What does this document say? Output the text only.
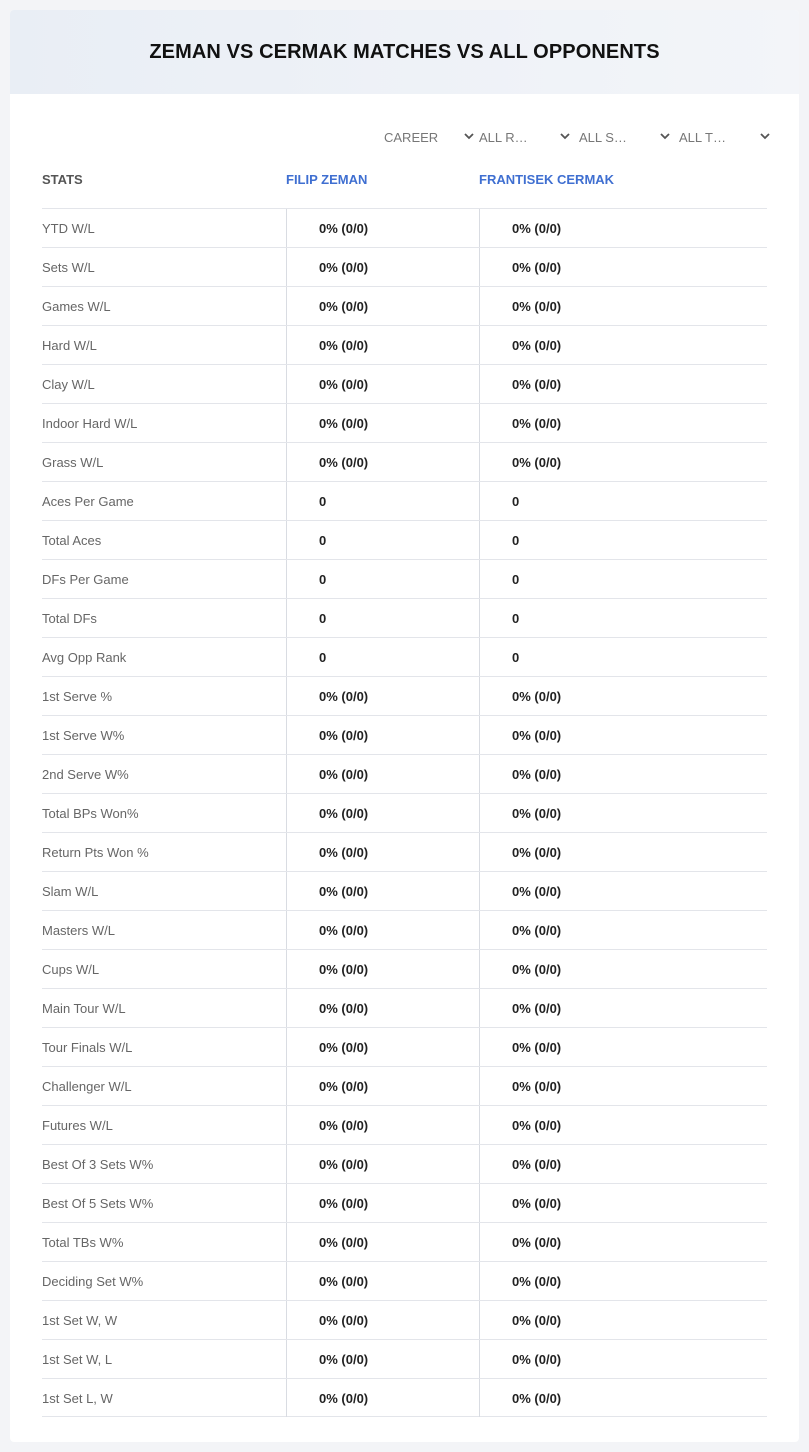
ZEMAN VS CERMAK MATCHES VS ALL OPPONENTS
CAREER	ALL R…	ALL S…	ALL T…
STATS	FILIP ZEMAN	FRANTISEK CERMAK
YTD W/L	0% (0/0)	0% (0/0)
Sets W/L	0% (0/0)	0% (0/0)
Games W/L	0% (0/0)	0% (0/0)
Hard W/L	0% (0/0)	0% (0/0)
Clay W/L	0% (0/0)	0% (0/0)
Indoor Hard W/L	0% (0/0)	0% (0/0)
Grass W/L	0% (0/0)	0% (0/0)
Aces Per Game	0	0
Total Aces	0	0
DFs Per Game	0	0
Total DFs	0	0
Avg Opp Rank	0	0
1st Serve %	0% (0/0)	0% (0/0)
1st Serve W%	0% (0/0)	0% (0/0)
2nd Serve W%	0% (0/0)	0% (0/0)
Total BPs Won%	0% (0/0)	0% (0/0)
Return Pts Won %	0% (0/0)	0% (0/0)
Slam W/L	0% (0/0)	0% (0/0)
Masters W/L	0% (0/0)	0% (0/0)
Cups W/L	0% (0/0)	0% (0/0)
Main Tour W/L	0% (0/0)	0% (0/0)
Tour Finals W/L	0% (0/0)	0% (0/0)
Challenger W/L	0% (0/0)	0% (0/0)
Futures W/L	0% (0/0)	0% (0/0)
Best Of 3 Sets W%	0% (0/0)	0% (0/0)
Best Of 5 Sets W%	0% (0/0)	0% (0/0)
Total TBs W%	0% (0/0)	0% (0/0)
Deciding Set W%	0% (0/0)	0% (0/0)
1st Set W, W	0% (0/0)	0% (0/0)
1st Set W, L	0% (0/0)	0% (0/0)
1st Set L, W	0% (0/0)	0% (0/0)
